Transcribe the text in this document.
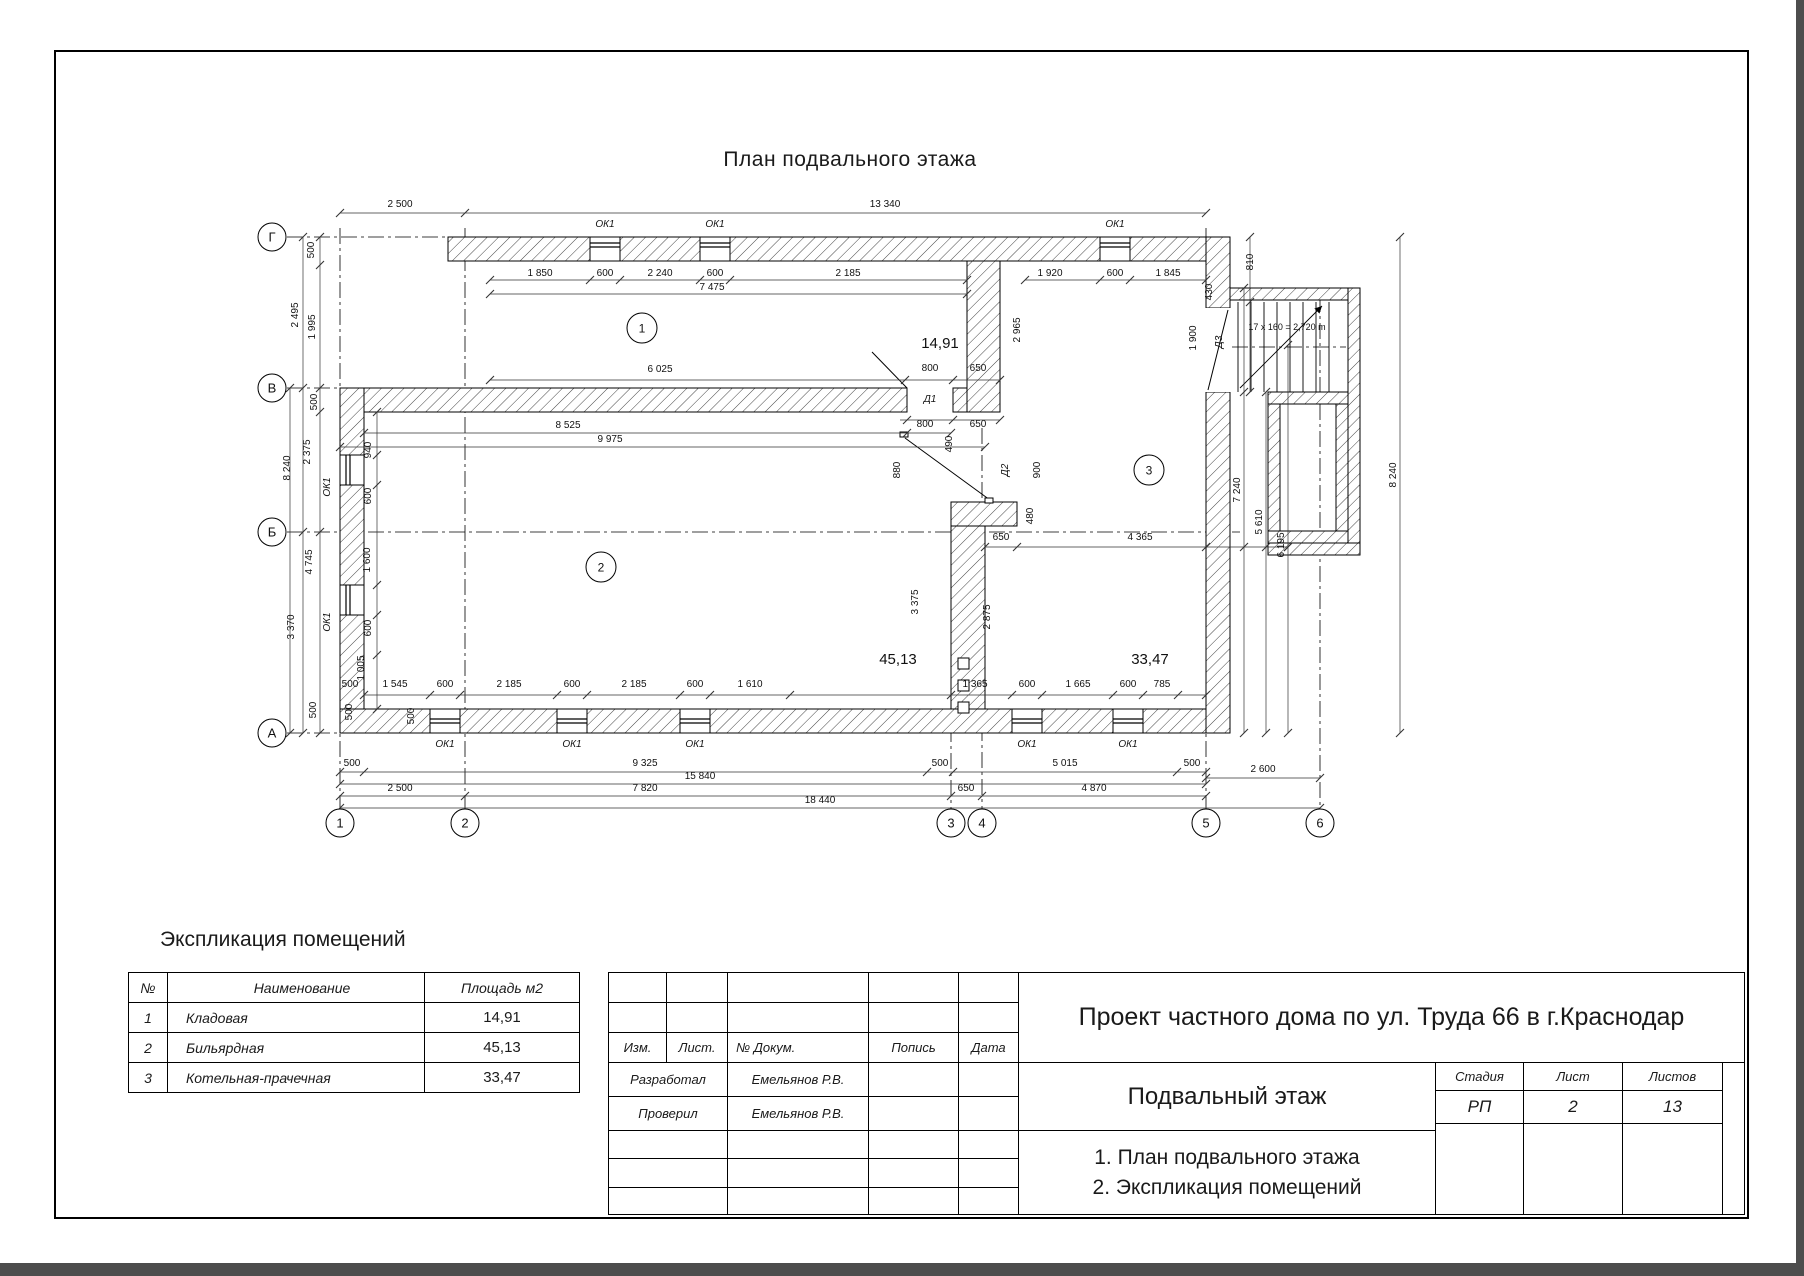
План подвального этажа
2 500	13 340
ОК1	ОК1	ОК1
1 850	600	2 240	600	2 185
7 475
1 920	600	1 845
810
430
1 900 Д3
17 x 160 = 2,720 m
2 965
14,91
6 025	800	650
Д1
8 525
9 975
800	650
490
880	Д2 900
480
650	4 365
3 375
2 875
45,13	33,47
7 240
5 610
6 195
8 240
500
2 495 1 995
500
2 375
8 240
4 745
3 370
500
ОК1
ОК1
940
600
1 600
600
1 005
500	500
500 1 545	600	2 185	600	2 185	600	1 610	1 365	600	1 665	600 785
ОК1	ОК1	ОК1	ОК1	ОК1
500	9 325	500	5 015	500
15 840
2 600
2 500	7 820	650	4 870
18 440
Г
В
Б
А
1	2	3 4	5	6
1
2
3
Экспликация помещений
№	Наименование	Площадь м2
1	Кладовая	14,91
2	Бильярдная	45,13
3	Котельная-прачечная	33,47
Изм.	Лист.	№ Докум.	Попись	Дата
Разработал	Емельянов Р.В.
Проверил	Емельянов Р.В.
Проект частного дома по ул. Труда 66 в г.Краснодар
Подвальный этаж
1. План подвального этажа
2. Экспликация помещений
Стадия	Лист	Листов
РП	2	13
